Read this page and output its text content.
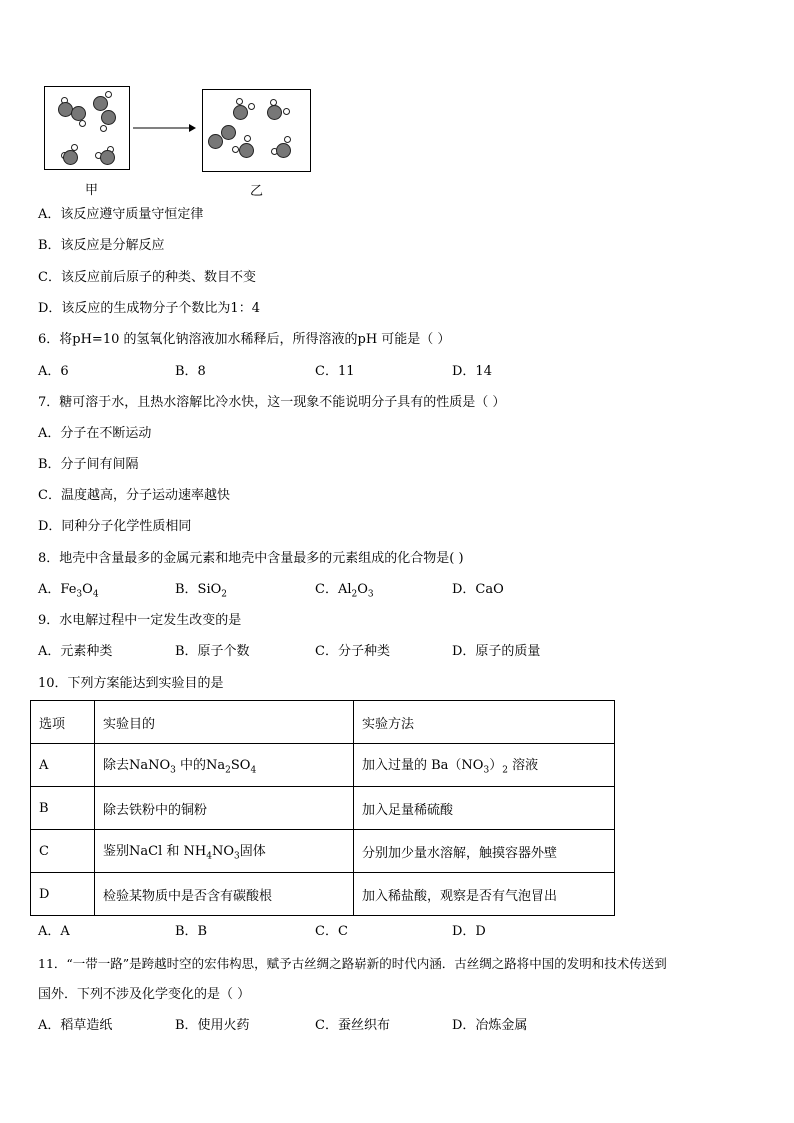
甲	乙
A．该反应遵守质量守恒定律
B．该反应是分解反应
C．该反应前后原子的种类、数目不变
D．该反应的生成物分子个数比为1：4
6．将pH=10 的氢氧化钠溶液加水稀释后，所得溶液的pH 可能是（ ）
A．6	B．8	C．11	D．14
7．糖可溶于水，且热水溶解比冷水快，这一现象不能说明分子具有的性质是（ ）
A．分子在不断运动
B．分子间有间隔
C．温度越高，分子运动速率越快
D．同种分子化学性质相同
8．地壳中含量最多的金属元素和地壳中含量最多的元素组成的化合物是( )
A．$Fe_3O_4$	B．SiO$_2$	C．$Al_2O_3$	D．CaO
9．水电解过程中一定发生改变的是
A．元素种类	B．原子个数	C．分子种类	D．原子的质量
10．下列方案能达到实验目的是
选项	实验目的	实验方法
A	除去NaNO$_3$ 中的$Na_2SO_4$	加入过量的 $Ba(NO_3)_2$ 溶液
B	除去铁粉中的铜粉	加入足量稀硫酸
C	鉴别NaCl 和 $NH_4NO_3$固体	分别加少量水溶解，触摸容器外壁
D	检验某物质中是否含有碳酸根	加入稀盐酸，观察是否有气泡冒出
A．A	B．B	C．C	D．D
11．“一带一路”是跨越时空的宏伟构思，赋予古丝绸之路崭新的时代内涵．古丝绸之路将中国的发明和技术传送到
国外．下列不涉及化学变化的是（ ）
A．稻草造纸	B．使用火药	C．蚕丝织布	D．冶炼金属
